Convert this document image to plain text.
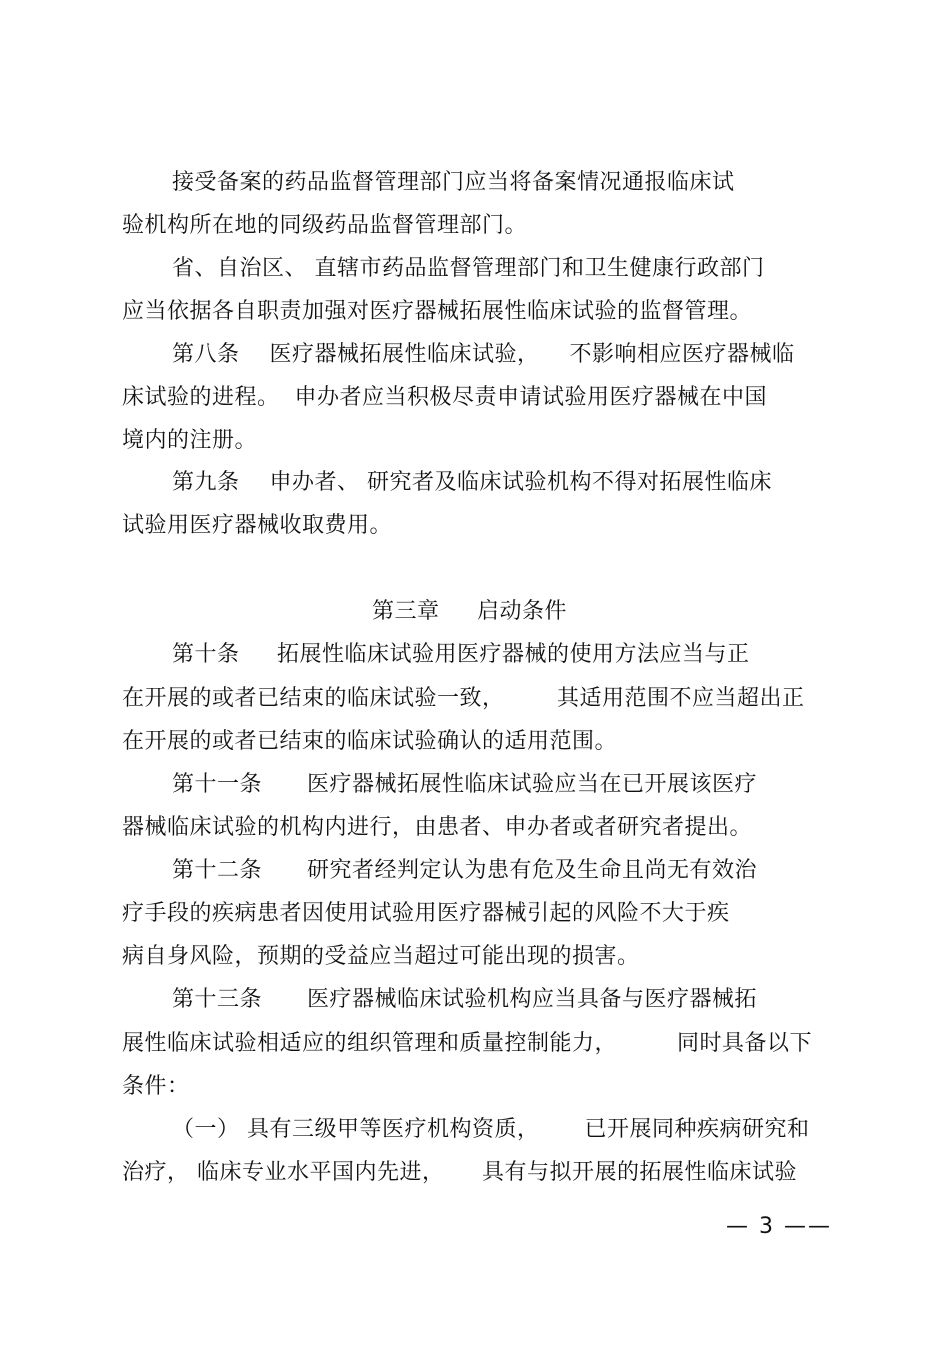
接受备案的药品监督管理部门应当将备案情况通报临床试
验机构所在地的同级药品监督管理部门。
省、自治区、 直辖市药品监督管理部门和卫生健康行政部门
应当依据各自职责加强对医疗器械拓展性临床试验的监督管理。
第八条    医疗器械拓展性临床试验，    不影响相应医疗器械临
床试验的进程。  申办者应当积极尽责申请试验用医疗器械在中国
境内的注册。
第九条    申办者、 研究者及临床试验机构不得对拓展性临床
试验用医疗器械收取费用。
第三章     启动条件
第十条     拓展性临床试验用医疗器械的使用方法应当与正
在开展的或者已结束的临床试验一致，       其适用范围不应当超出正
在开展的或者已结束的临床试验确认的适用范围。
第十一条      医疗器械拓展性临床试验应当在已开展该医疗
器械临床试验的机构内进行，由患者、申办者或者研究者提出。
第十二条      研究者经判定认为患有危及生命且尚无有效治
疗手段的疾病患者因使用试验用医疗器械引起的风险不大于疾
病自身风险，预期的受益应当超过可能出现的损害。
第十三条      医疗器械临床试验机构应当具备与医疗器械拓
展性临床试验相适应的组织管理和质量控制能力，        同时具备以下
条件：
（一） 具有三级甲等医疗机构资质，      已开展同种疾病研究和
治疗， 临床专业水平国内先进，     具有与拟开展的拓展性临床试验
— 3 ——
